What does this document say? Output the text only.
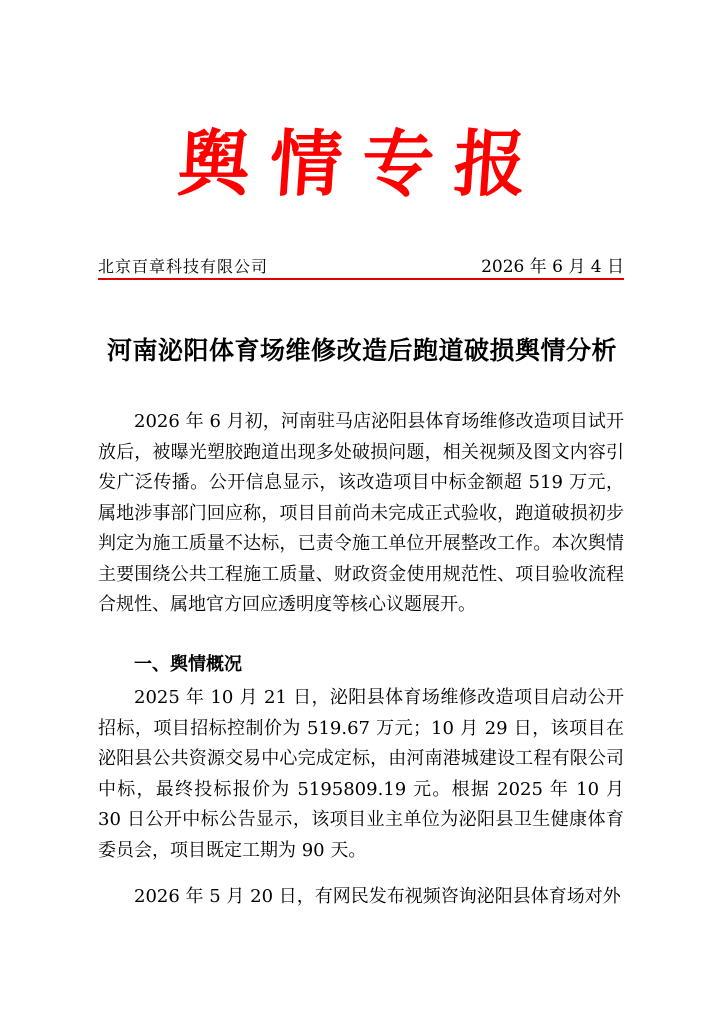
舆情专报
北京百章科技有限公司	2026 年 6 月 4 日
河南泌阳体育场维修改造后跑道破损舆情分析

2026 年 6 月初，河南驻马店泌阳县体育场维修改造项目试开放后，被曝光塑胶跑道出现多处破损问题，相关视频及图文内容引发广泛传播。公开信息显示，该改造项目中标金额超 519 万元，属地涉事部门回应称，项目目前尚未完成正式验收，跑道破损初步判定为施工质量不达标，已责令施工单位开展整改工作。本次舆情主要围绕公共工程施工质量、财政资金使用规范性、项目验收流程合规性、属地官方回应透明度等核心议题展开。

一、舆情概况

2025 年 10 月 21 日，泌阳县体育场维修改造项目启动公开招标，项目招标控制价为 519.67 万元；10 月 29 日，该项目在泌阳县公共资源交易中心完成定标，由河南港城建设工程有限公司中标，最终投标报价为 5195809.19 元。根据 2025 年 10 月 30 日公开中标公告显示，该项目业主单位为泌阳县卫生健康体育委员会，项目既定工期为 90 天。

2026 年 5 月 20 日，有网民发布视频咨询泌阳县体育场对外
